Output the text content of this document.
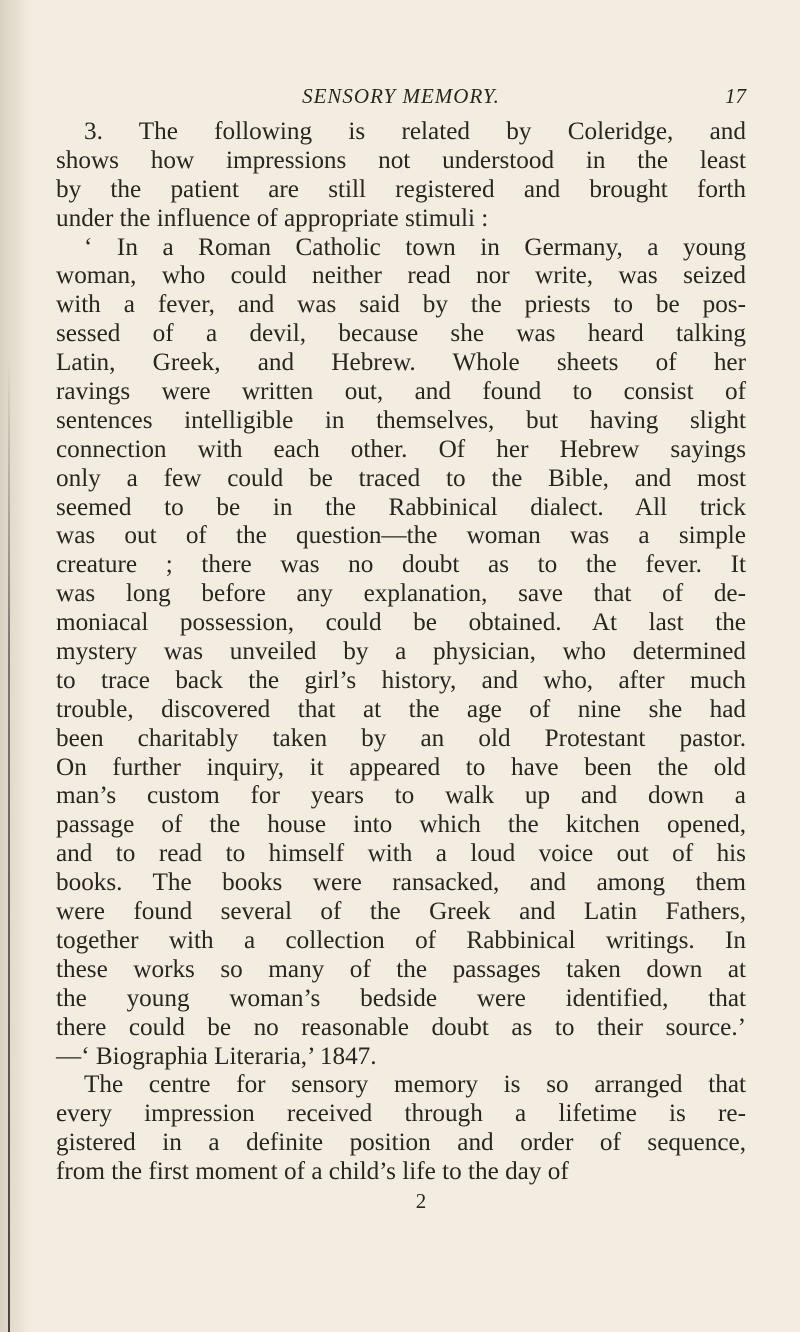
SENSORY MEMORY.	17
3. The following is related by Coleridge, and
shows how impressions not understood in the least
by the patient are still registered and brought forth
under the influence of appropriate stimuli :
‘ In a Roman Catholic town in Germany, a young
woman, who could neither read nor write, was seized
with a fever, and was said by the priests to be pos-
sessed of a devil, because she was heard talking
Latin, Greek, and Hebrew. Whole sheets of her
ravings were written out, and found to consist of
sentences intelligible in themselves, but having slight
connection with each other. Of her Hebrew sayings
only a few could be traced to the Bible, and most
seemed to be in the Rabbinical dialect. All trick
was out of the question—the woman was a simple
creature ; there was no doubt as to the fever. It
was long before any explanation, save that of de-
moniacal possession, could be obtained. At last the
mystery was unveiled by a physician, who determined
to trace back the girl’s history, and who, after much
trouble, discovered that at the age of nine she had
been charitably taken by an old Protestant pastor.
On further inquiry, it appeared to have been the old
man’s custom for years to walk up and down a
passage of the house into which the kitchen opened,
and to read to himself with a loud voice out of his
books. The books were ransacked, and among them
were found several of the Greek and Latin Fathers,
together with a collection of Rabbinical writings. In
these works so many of the passages taken down at
the young woman’s bedside were identified, that
there could be no reasonable doubt as to their source.’
—‘ Biographia Literaria,’ 1847.
The centre for sensory memory is so arranged that
every impression received through a lifetime is re-
gistered in a definite position and order of sequence,
from the first moment of a child’s life to the day of
2
